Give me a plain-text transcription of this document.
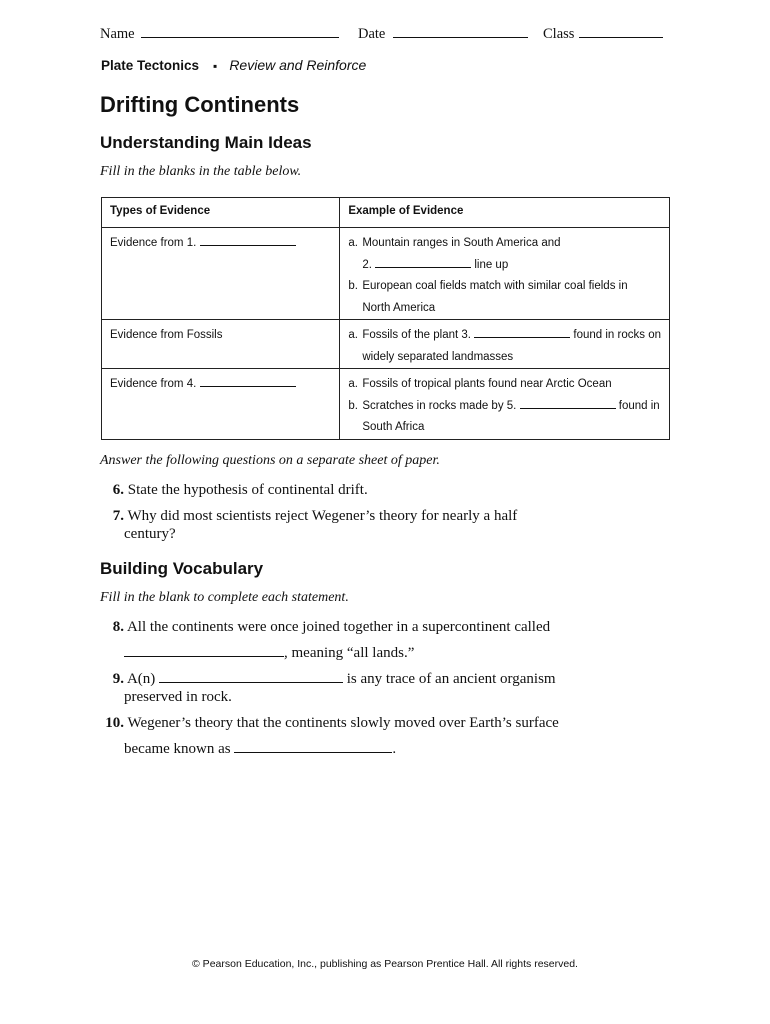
Name	Date	Class
Plate Tectonics ▪ Review and Reinforce
Drifting Continents
Understanding Main Ideas

Fill in the blanks in the table below.

Types of Evidence	Example of Evidence

Evidence from 1.	a. Mountain ranges in South America and
2. line up
b. European coal fields match with similar coal fields in
North America

Evidence from Fossils	a. Fossils of the plant 3. found in rocks on
widely separated landmasses

Evidence from 4.	a. Fossils of tropical plants found near Arctic Ocean
b. Scratches in rocks made by 5. found in
South Africa

Answer the following questions on a separate sheet of paper.

6. State the hypothesis of continental drift.
7. Why did most scientists reject Wegener’s theory for nearly a half
century?
Building Vocabulary

Fill in the blank to complete each statement.

8. All the continents were once joined together in a supercontinent called
, meaning “all lands.”
9. A(n)	is any trace of an ancient organism
preserved in rock.
10. Wegener’s theory that the continents slowly moved over Earth’s surface
became known as	.
© Pearson Education, Inc., publishing as Pearson Prentice Hall. All rights reserved.
